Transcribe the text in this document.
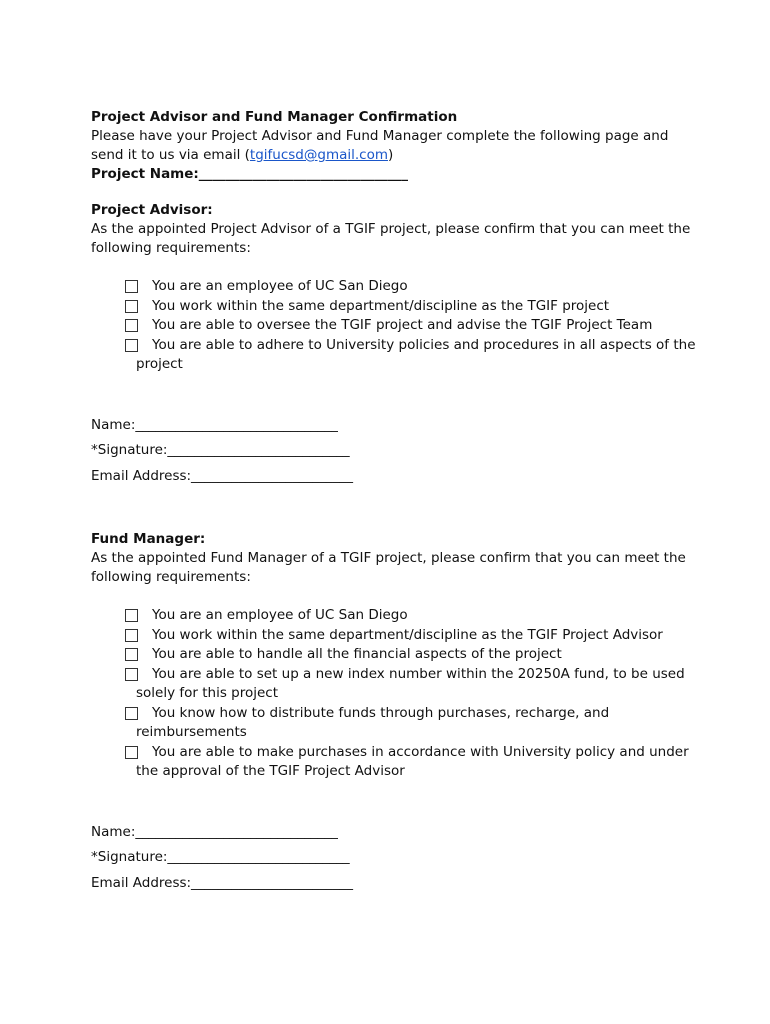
Project Advisor and Fund Manager Confirmation
Please have your Project Advisor and Fund Manager complete the following page and
send it to us via email (tgifucsd@gmail.com)
Project Name:_______________________________
Project Advisor:
As the appointed Project Advisor of a TGIF project, please confirm that you can meet the
following requirements:
You are an employee of UC San Diego
You work within the same department/discipline as the TGIF project
You are able to oversee the TGIF project and advise the TGIF Project Team
You are able to adhere to University policies and procedures in all aspects of the
project
Name:______________________________
*Signature:___________________________
Email Address:________________________
Fund Manager:
As the appointed Fund Manager of a TGIF project, please confirm that you can meet the
following requirements:
You are an employee of UC San Diego
You work within the same department/discipline as the TGIF Project Advisor
You are able to handle all the financial aspects of the project
You are able to set up a new index number within the 20250A fund, to be used
solely for this project
You know how to distribute funds through purchases, recharge, and
reimbursements
You are able to make purchases in accordance with University policy and under
the approval of the TGIF Project Advisor
Name:______________________________
*Signature:___________________________
Email Address:________________________
